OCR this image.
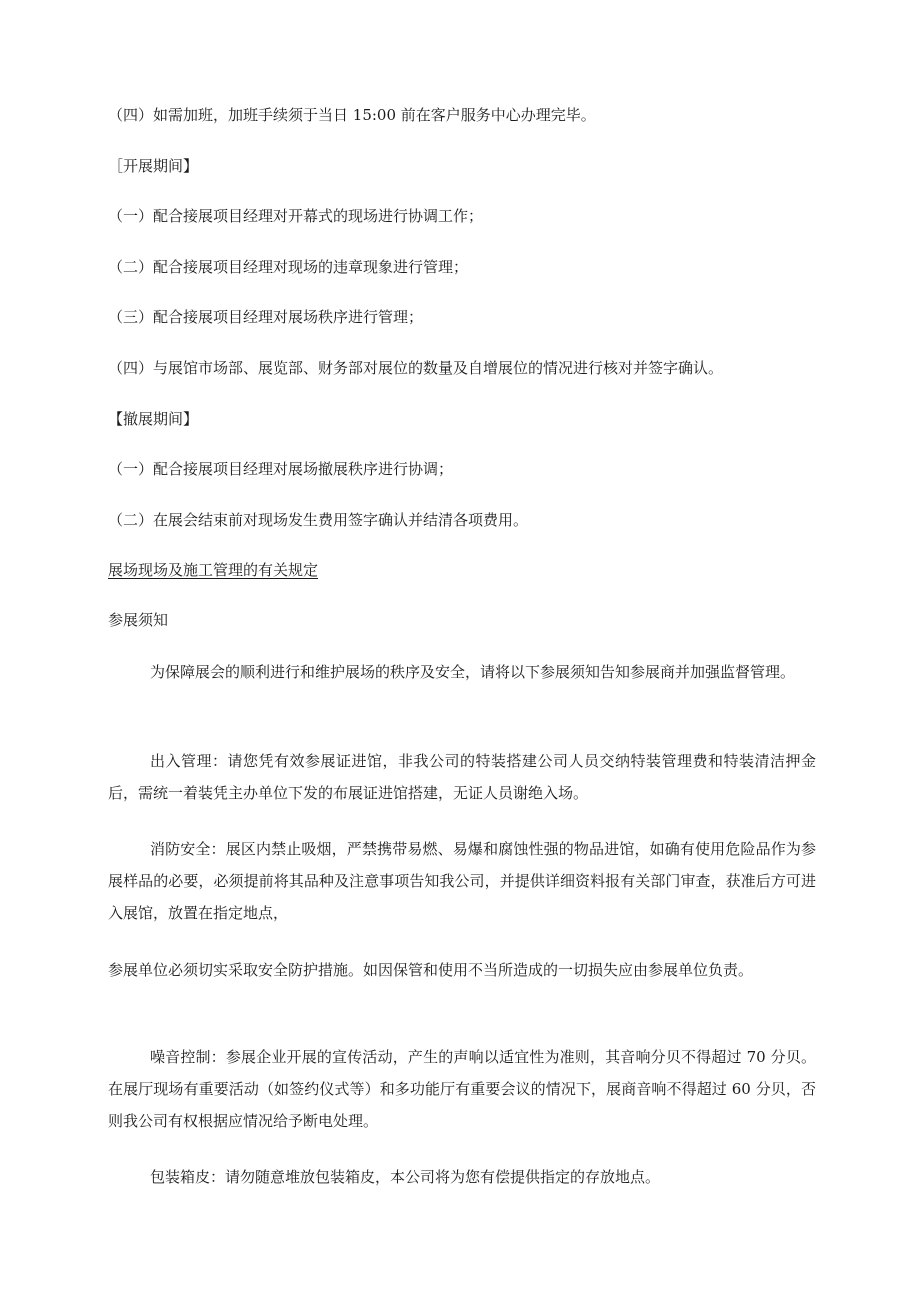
（四）如需加班，加班手续须于当日 15:00 前在客户服务中心办理完毕。
［开展期间】
（一）配合接展项目经理对开幕式的现场进行协调工作；
（二）配合接展项目经理对现场的违章现象进行管理；
（三）配合接展项目经理对展场秩序进行管理；
（四）与展馆市场部、展览部、财务部对展位的数量及自增展位的情况进行核对并签字确认。
【撤展期间】
（一）配合接展项目经理对展场撤展秩序进行协调；
（二）在展会结束前对现场发生费用签字确认并结清各项费用。
展场现场及施工管理的有关规定
参展须知
为保障展会的顺利进行和维护展场的秩序及安全，请将以下参展须知告知参展商并加强监督管理。
出入管理：请您凭有效参展证进馆，非我公司的特装搭建公司人员交纳特装管理费和特装清洁押金后，需统一着装凭主办单位下发的布展证进馆搭建，无证人员谢绝入场。
消防安全：展区内禁止吸烟，严禁携带易燃、易爆和腐蚀性强的物品进馆，如确有使用危险品作为参展样品的必要，必须提前将其品种及注意事项告知我公司，并提供详细资料报有关部门审查，获准后方可进入展馆，放置在指定地点，
参展单位必须切实采取安全防护措施。如因保管和使用不当所造成的一切损失应由参展单位负责。
噪音控制：参展企业开展的宣传活动，产生的声响以适宜性为准则，其音响分贝不得超过 70 分贝。在展厅现场有重要活动（如签约仪式等）和多功能厅有重要会议的情况下，展商音响不得超过 60 分贝，否则我公司有权根据应情况给予断电处理。
包装箱皮：请勿随意堆放包装箱皮，本公司将为您有偿提供指定的存放地点。
